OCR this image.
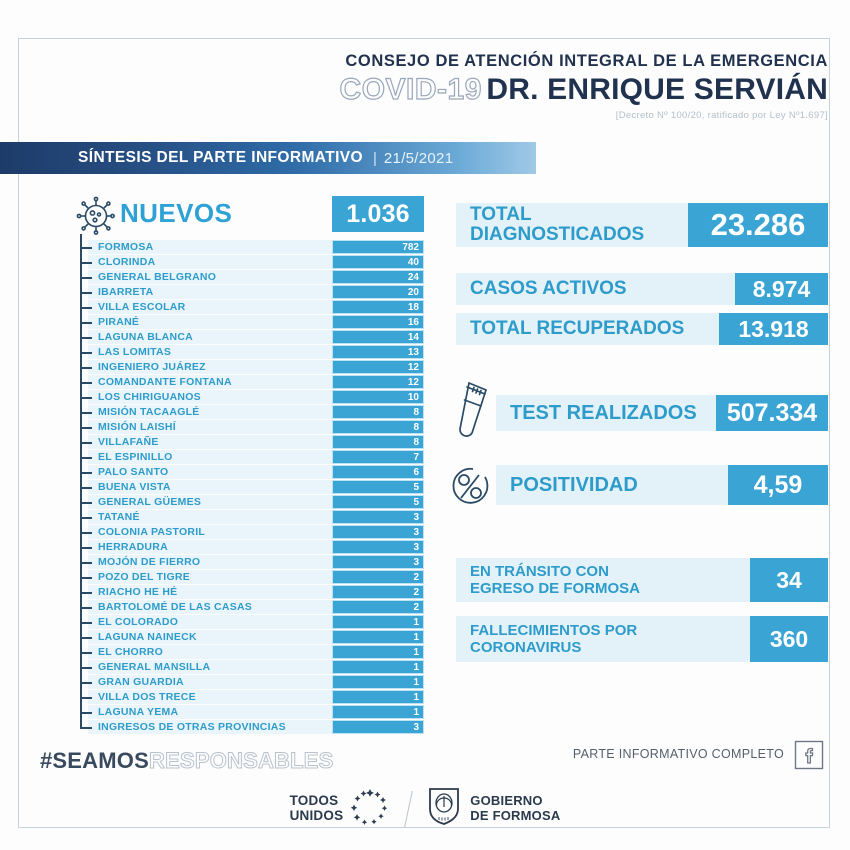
CONSEJO DE ATENCIÓN INTEGRAL DE LA EMERGENCIA
COVID-19 DR. ENRIQUE SERVIÁN
[Decreto Nº 100/20, ratificado por Ley Nº1.697]
SÍNTESIS DEL PARTE INFORMATIVO | 21/5/2021
NUEVOS	1.036
FORMOSA	782
CLORINDA	40
GENERAL BELGRANO	24
IBARRETA	20
VILLA ESCOLAR	18
PIRANÉ	16
LAGUNA BLANCA	14
LAS LOMITAS	13
INGENIERO JUÁREZ	12
COMANDANTE FONTANA	12
LOS CHIRIGUANOS	10
MISIÓN TACAAGLÉ	8
MISIÓN LAISHÍ	8
VILLAFAÑE	8
EL ESPINILLO	7
PALO SANTO	6
BUENA VISTA	5
GENERAL GÜEMES	5
TATANÉ	3
COLONIA PASTORIL	3
HERRADURA	3
MOJÓN DE FIERRO	3
POZO DEL TIGRE	2
RIACHO HE HÉ	2
BARTOLOMÉ DE LAS CASAS	2
EL COLORADO	1
LAGUNA NAINECK	1
EL CHORRO	1
GENERAL MANSILLA	1
GRAN GUARDIA	1
VILLA DOS TRECE	1
LAGUNA YEMA	1
INGRESOS DE OTRAS PROVINCIAS	3
TOTAL
DIAGNOSTICADOS	23.286
CASOS ACTIVOS	8.974
TOTAL RECUPERADOS	13.918
TEST REALIZADOS	507.334
POSITIVIDAD	4,59
EN TRÁNSITO CON
EGRESO DE FORMOSA	34
FALLECIMIENTOS POR
CORONAVIRUS	360
#SEAMOSRESPONSABLES	PARTE INFORMATIVO COMPLETO
TODOS
UNIDOS
GOBIERNO
DE FORMOSA
